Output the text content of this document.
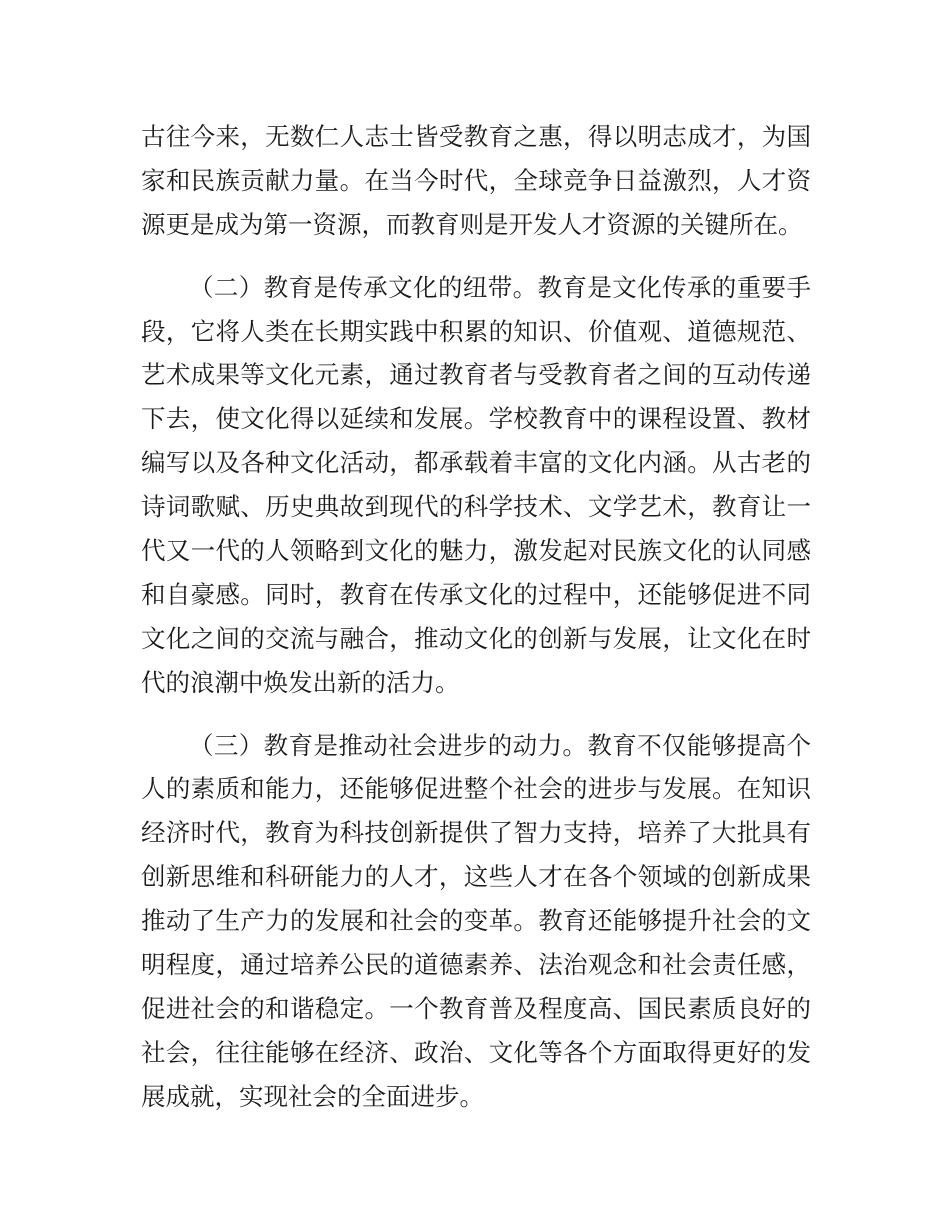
古往今来，无数仁人志士皆受教育之惠，得以明志成才，为国
家和民族贡献力量。在当今时代，全球竞争日益激烈，人才资
源更是成为第一资源，而教育则是开发人才资源的关键所在。
（二）教育是传承文化的纽带。教育是文化传承的重要手
段，它将人类在长期实践中积累的知识、价值观、道德规范、
艺术成果等文化元素，通过教育者与受教育者之间的互动传递
下去，使文化得以延续和发展。学校教育中的课程设置、教材
编写以及各种文化活动，都承载着丰富的文化内涵。从古老的
诗词歌赋、历史典故到现代的科学技术、文学艺术，教育让一
代又一代的人领略到文化的魅力，激发起对民族文化的认同感
和自豪感。同时，教育在传承文化的过程中，还能够促进不同
文化之间的交流与融合，推动文化的创新与发展，让文化在时
代的浪潮中焕发出新的活力。
（三）教育是推动社会进步的动力。教育不仅能够提高个
人的素质和能力，还能够促进整个社会的进步与发展。在知识
经济时代，教育为科技创新提供了智力支持，培养了大批具有
创新思维和科研能力的人才，这些人才在各个领域的创新成果
推动了生产力的发展和社会的变革。教育还能够提升社会的文
明程度，通过培养公民的道德素养、法治观念和社会责任感，
促进社会的和谐稳定。一个教育普及程度高、国民素质良好的
社会，往往能够在经济、政治、文化等各个方面取得更好的发
展成就，实现社会的全面进步。
